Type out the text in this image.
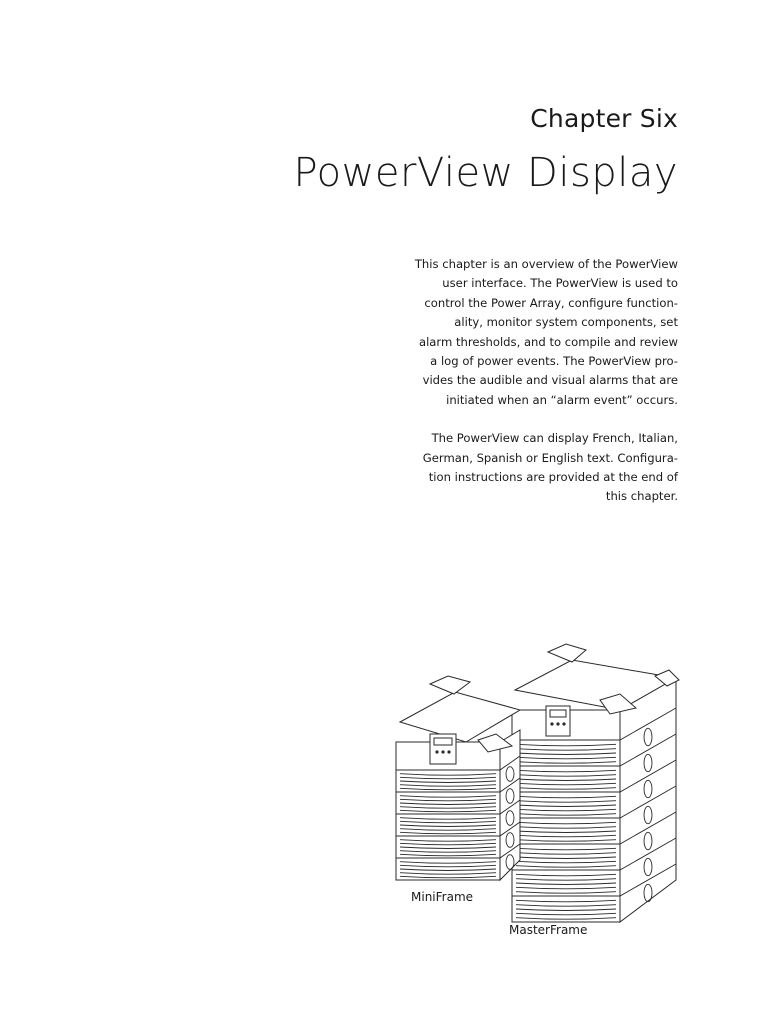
Chapter Six
PowerView Display

This chapter is an overview of the PowerView
user interface. The PowerView is used to
control the Power Array, configure function-
ality, monitor system components, set
alarm thresholds, and to compile and review
a log of power events. The PowerView pro-
vides the audible and visual alarms that are
initiated when an “alarm event” occurs.

The PowerView can display French, Italian,
German, Spanish or English text. Configura-
tion instructions are provided at the end of
this chapter.

MiniFrame
MasterFrame
